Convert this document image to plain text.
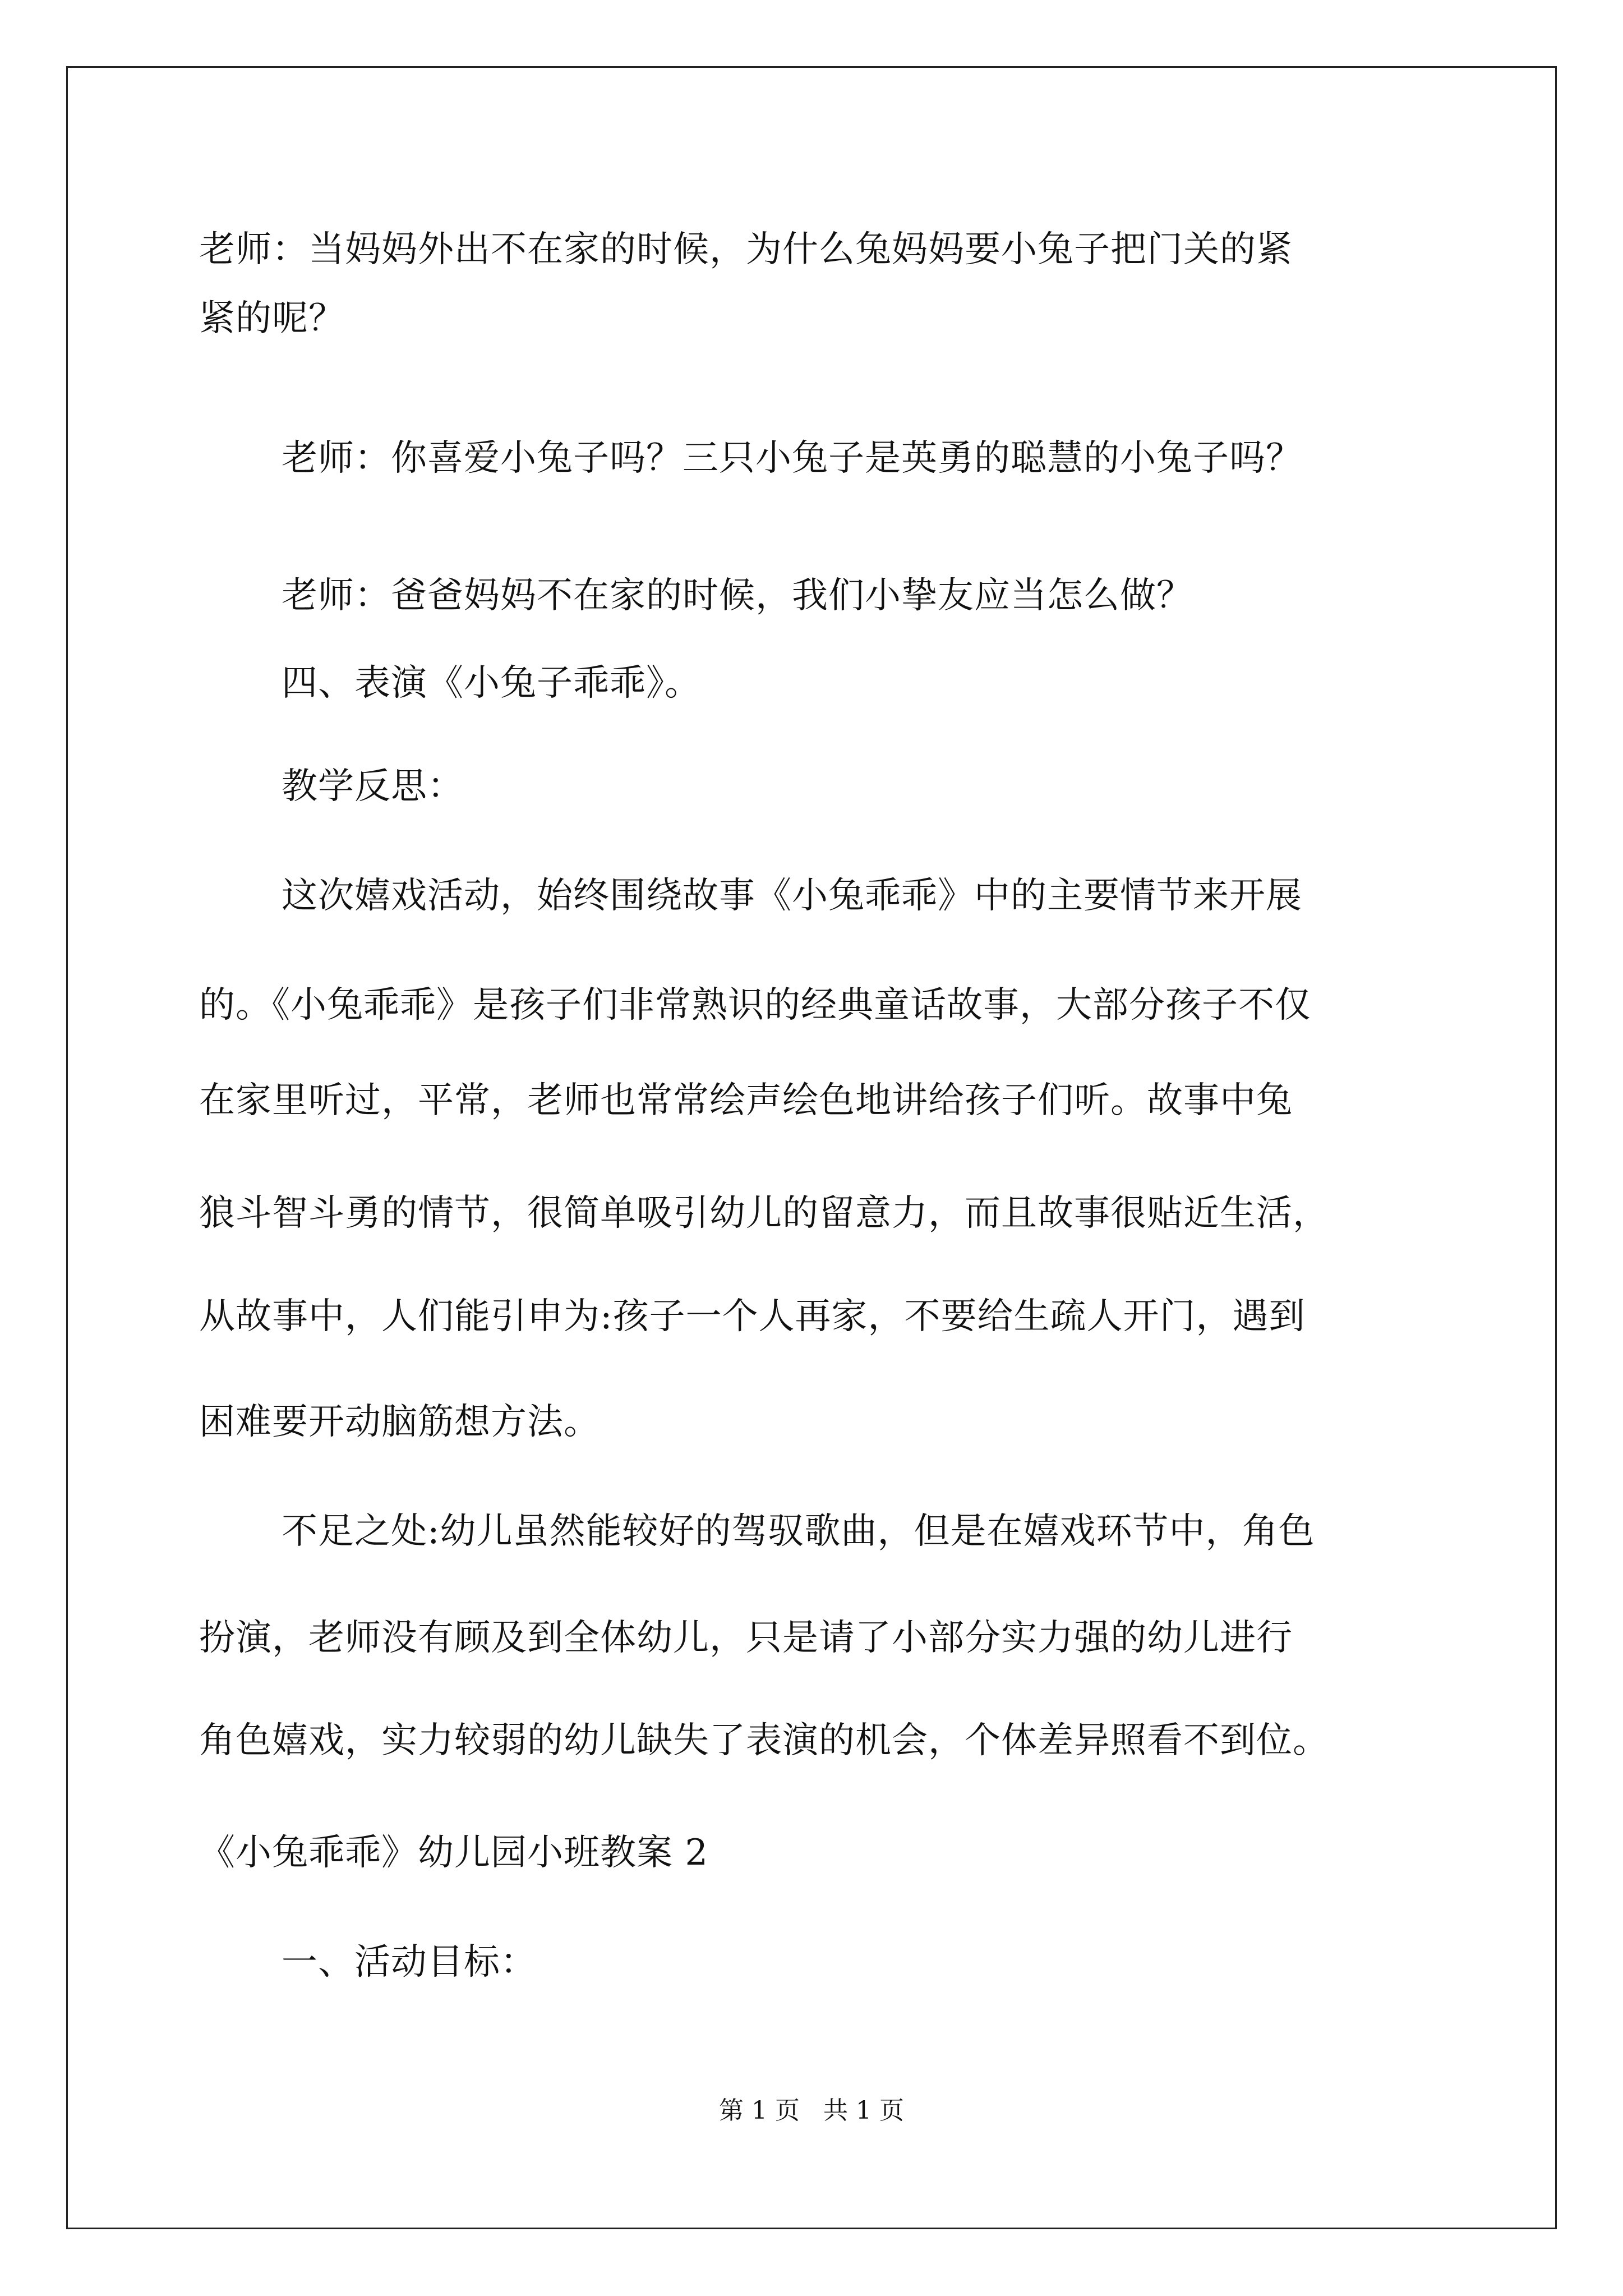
老师：当妈妈外出不在家的时候，为什么兔妈妈要小兔子把门关的紧
紧的呢？
老师：你喜爱小兔子吗？三只小兔子是英勇的聪慧的小兔子吗？
老师：爸爸妈妈不在家的时候，我们小挚友应当怎么做？
四、表演《小兔子乖乖》。
教学反思：
这次嬉戏活动，始终围绕故事《小兔乖乖》中的主要情节来开展
的。《小兔乖乖》是孩子们非常熟识的经典童话故事，大部分孩子不仅
在家里听过，平常，老师也常常绘声绘色地讲给孩子们听。故事中兔
狼斗智斗勇的情节，很简单吸引幼儿的留意力，而且故事很贴近生活，
从故事中，人们能引申为:孩子一个人再家，不要给生疏人开门，遇到
困难要开动脑筋想方法。
不足之处:幼儿虽然能较好的驾驭歌曲，但是在嬉戏环节中，角色
扮演，老师没有顾及到全体幼儿，只是请了小部分实力强的幼儿进行
角色嬉戏，实力较弱的幼儿缺失了表演的机会，个体差异照看不到位。
《小兔乖乖》幼儿园小班教案 2
一、活动目标：
第 1 页   共 1 页
